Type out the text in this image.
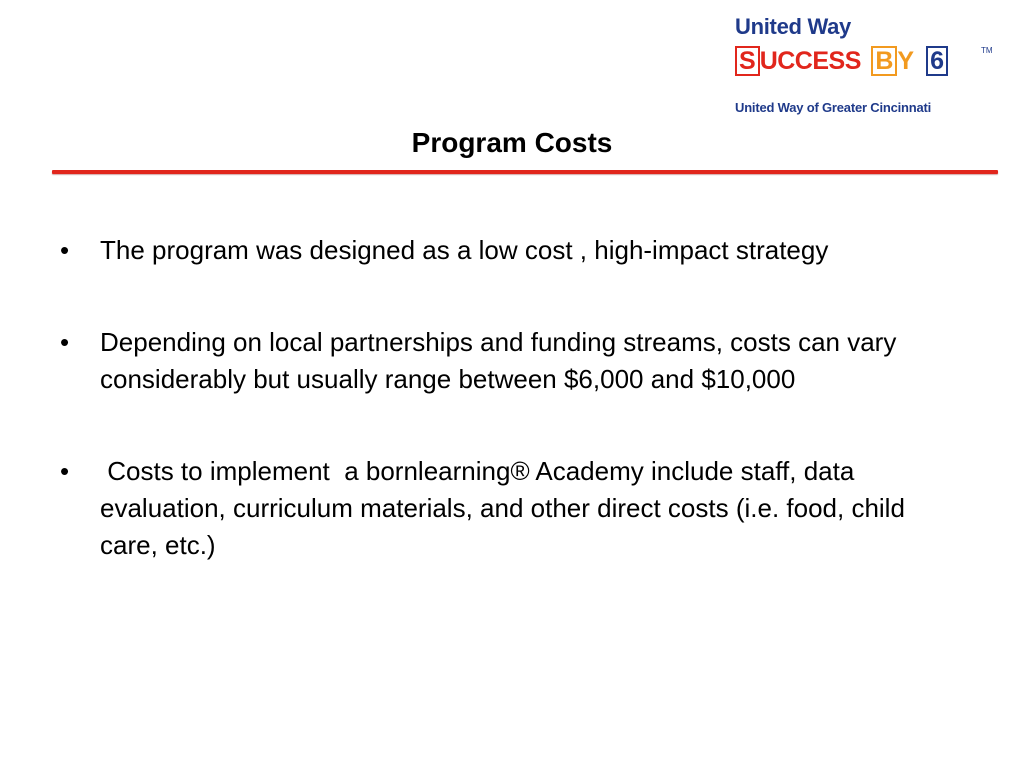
United Way
S UCCESS B Y 6	TM
United Way of Greater Cincinnati
Program Costs
•	The program was designed as a low cost , high-impact strategy
•	Depending on local partnerships and funding streams, costs can vary considerably but usually range between $6,000 and $10,000
•	Costs to implement  a bornlearning® Academy include staff, data evaluation, curriculum materials, and other direct costs (i.e. food, child care, etc.)
